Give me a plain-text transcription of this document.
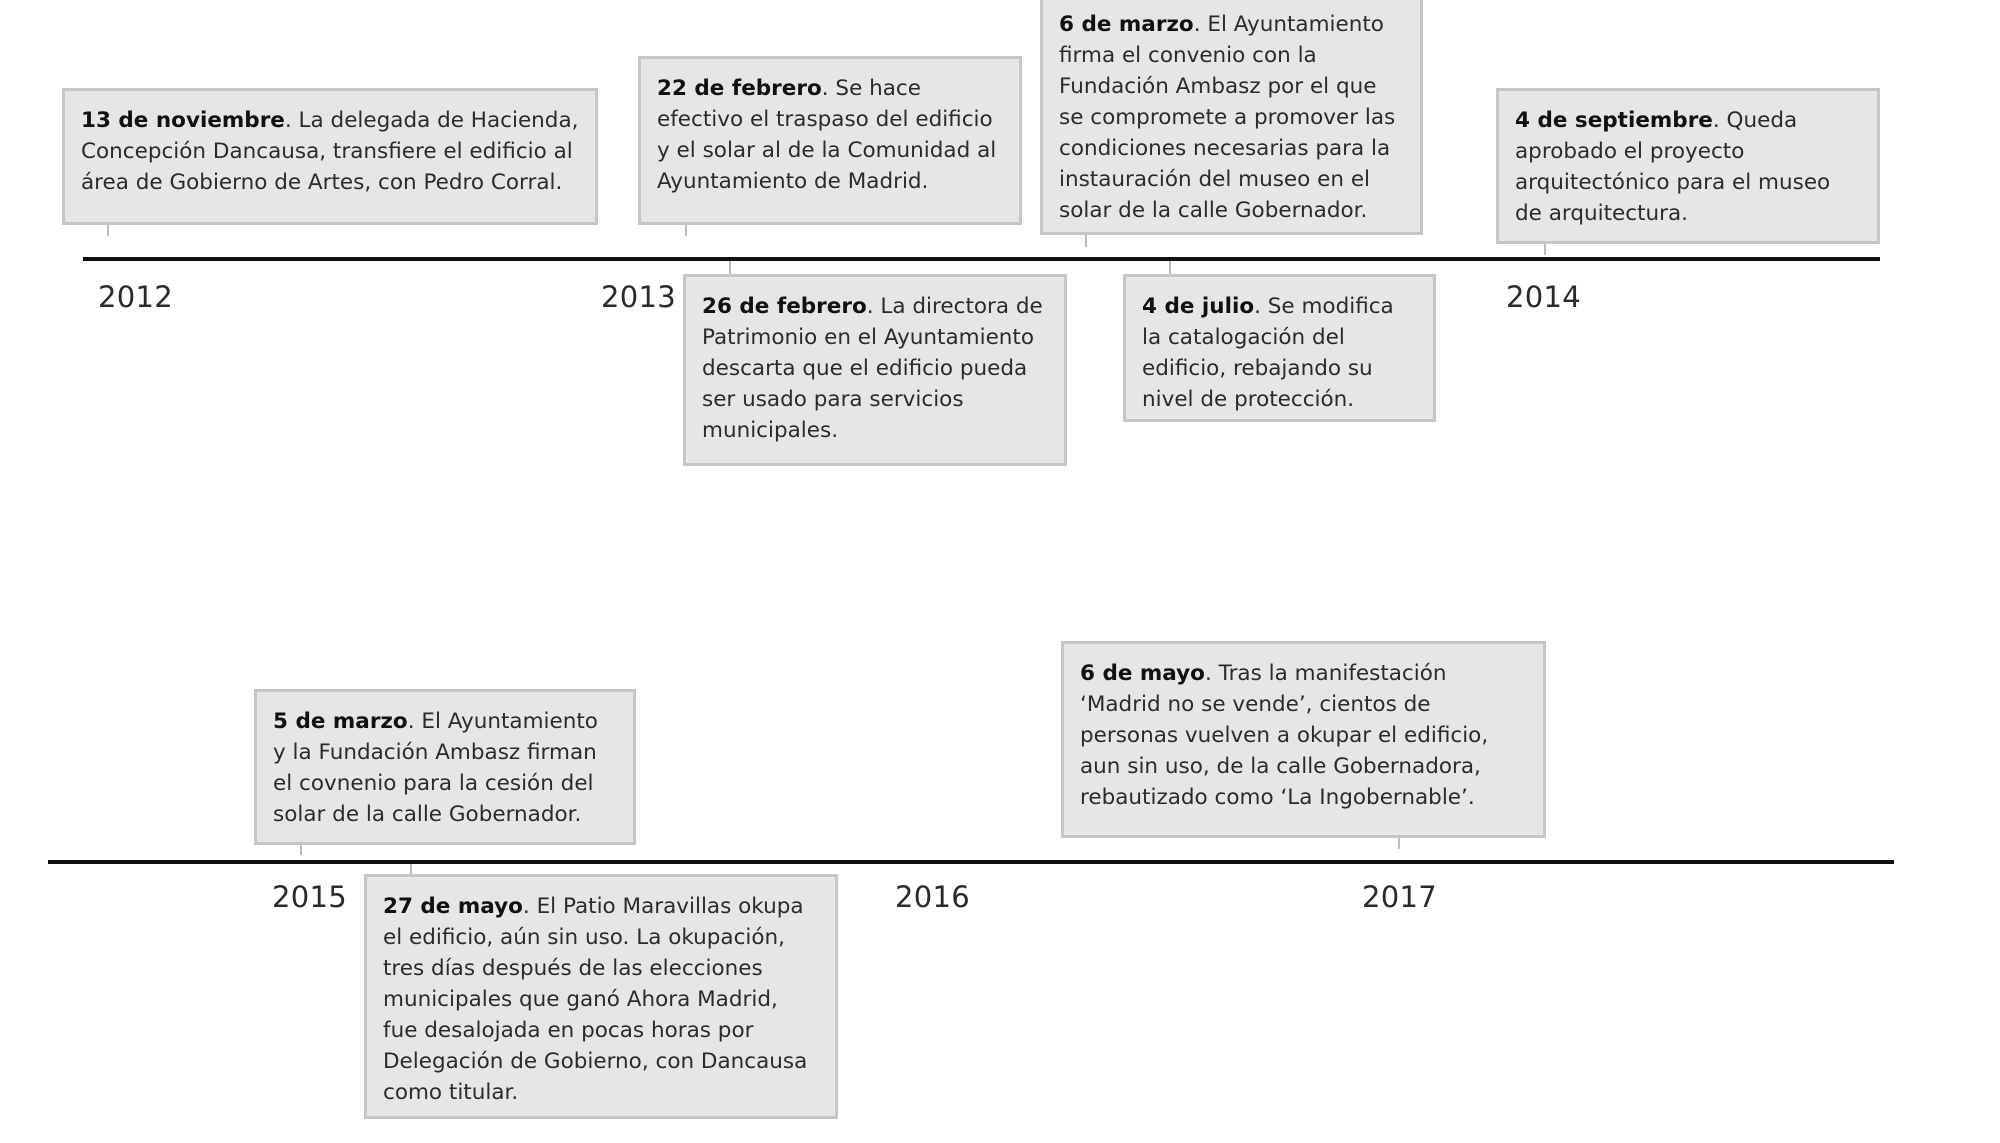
2012	2013	2014
13 de noviembre. La delegada de Hacienda, Concepción Dancausa, transfiere el edificio al área de Gobierno de Artes, con Pedro Corral.
22 de febrero. Se hace efectivo el traspaso del edificio y el solar al de la Comunidad al Ayuntamiento de Madrid.
26 de febrero. La directora de Patrimonio en el Ayuntamiento descarta que el edificio pueda ser usado para servicios municipales.
6 de marzo. El Ayuntamiento firma el convenio con la Fundación Ambasz por el que se compromete a promover las condiciones necesarias para la instauración del museo en el solar de la calle Gobernador.
4 de julio. Se modifica la catalogación del edificio, rebajando su nivel de protección.
4 de septiembre. Queda aprobado el proyecto arquitectónico para el museo de arquitectura.
2015	2016	2017
5 de marzo. El Ayuntamiento y la Fundación Ambasz firman el covnenio para la cesión del solar de la calle Gobernador.
27 de mayo. El Patio Maravillas okupa el edificio, aún sin uso. La okupación, tres días después de las elecciones municipales que ganó Ahora Madrid, fue desalojada en pocas horas por Delegación de Gobierno, con Dancausa como titular.
6 de mayo. Tras la manifestación ‘Madrid no se vende’, cientos de personas vuelven a okupar el edificio, aun sin uso, de la calle Gobernadora, rebautizado como ‘La Ingobernable’.
